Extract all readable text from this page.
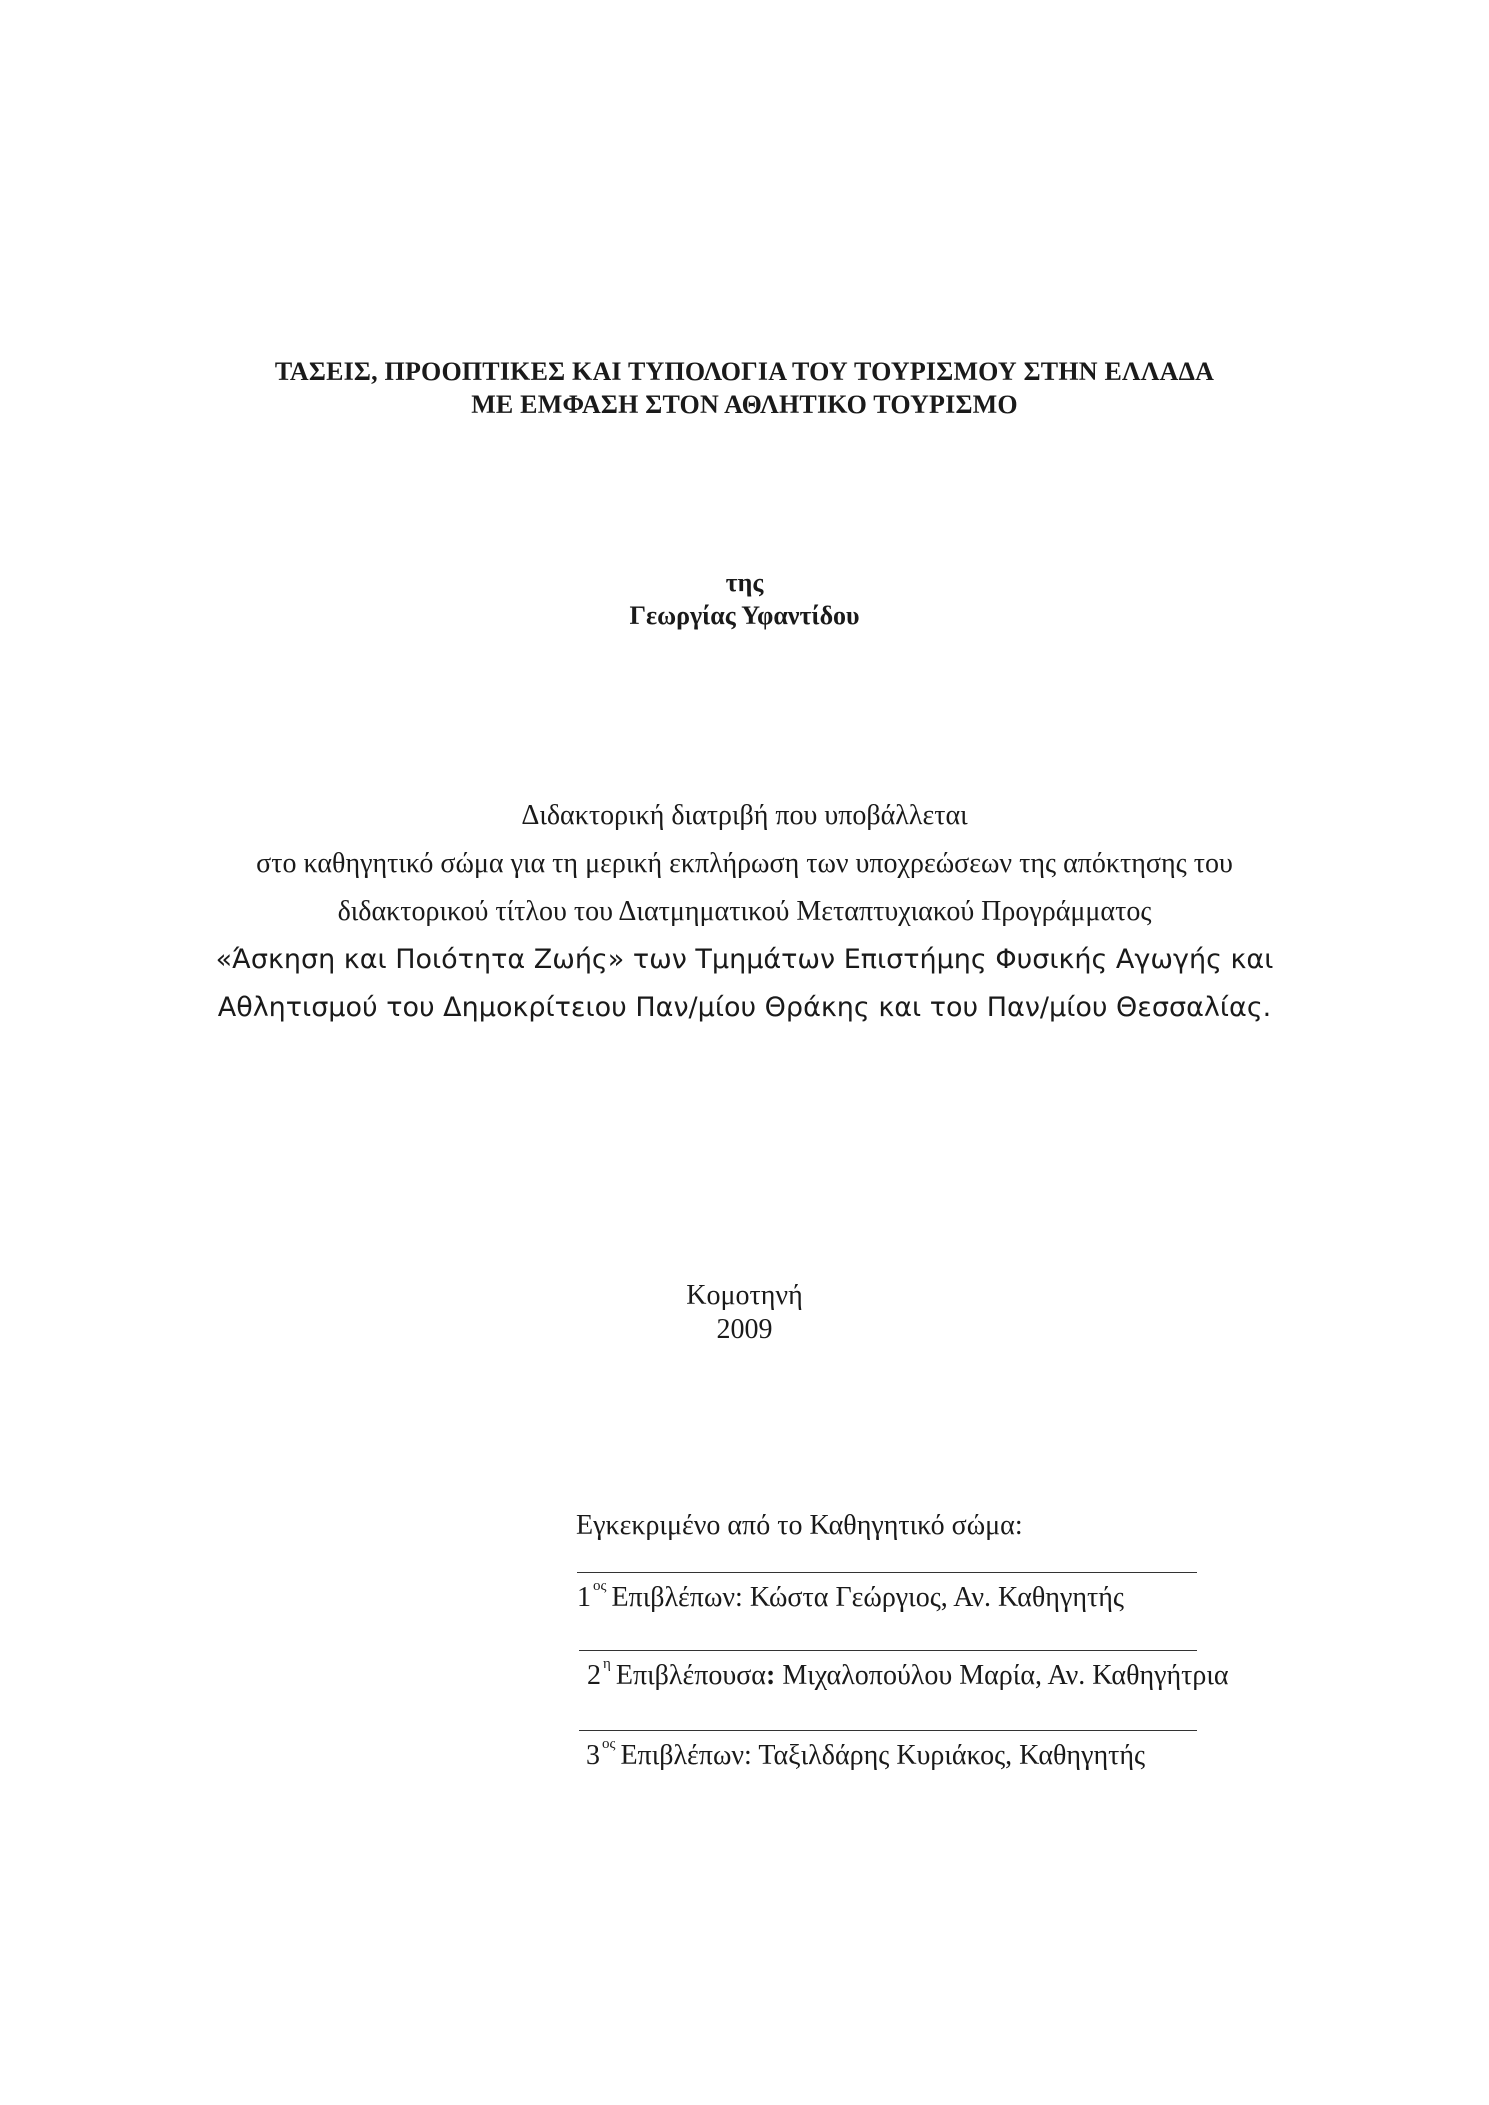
ΤΑΣΕΙΣ, ΠΡΟΟΠΤΙΚΕΣ ΚΑΙ ΤΥΠΟΛΟΓΙΑ ΤΟΥ ΤΟΥΡΙΣΜΟΥ ΣΤΗΝ ΕΛΛΑΔΑ
ΜΕ ΕΜΦΑΣΗ ΣΤΟΝ ΑΘΛΗΤΙΚΟ ΤΟΥΡΙΣΜΟ
της
Γεωργίας Υφαντίδου
Διδακτορική διατριβή που υποβάλλεται
στο καθηγητικό σώμα για τη μερική εκπλήρωση των υποχρεώσεων της απόκτησης του
διδακτορικού τίτλου του Διατμηματικού Μεταπτυχιακού Προγράμματος
«Άσκηση και Ποιότητα Ζωής» των Τμημάτων Επιστήμης Φυσικής Αγωγής και
Αθλητισμού του Δημοκρίτειου Παν/μίου Θράκης και του Παν/μίου Θεσσαλίας.
Κομοτηνή
2009
Εγκεκριμένο από το Καθηγητικό σώμα:
1 $^{o\varsigma}$ Επιβλέπων: Κώστα Γεώργιος, Αν. Καθηγητής
2 $^\eta$ Επιβλέπουσα: Μιχαλοπούλου Μαρία, Αν. Καθηγήτρια
3 $^{o\varsigma}$ Επιβλέπων: Ταξιλδάρης Κυριάκος, Καθηγητής
